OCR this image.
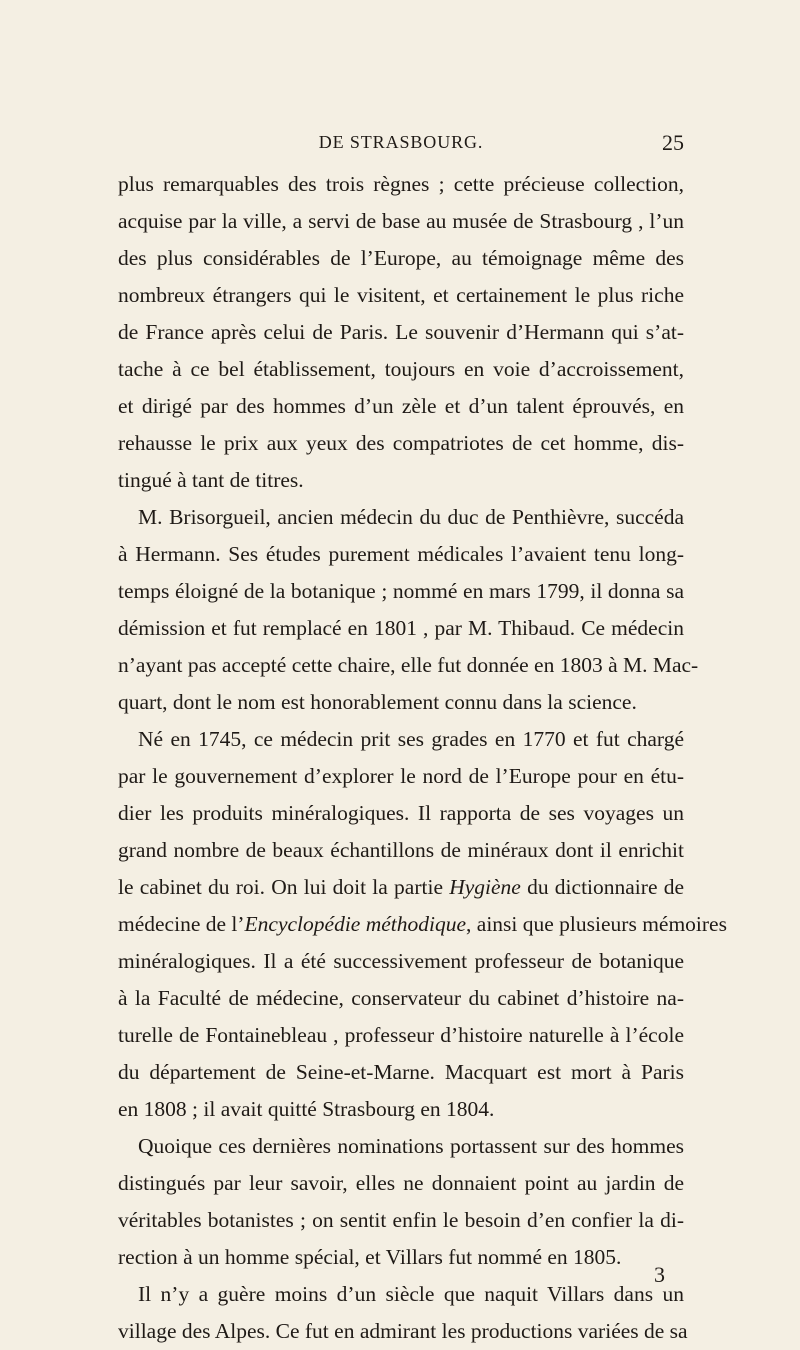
DE STRASBOURG.	25
plus remarquables des trois règnes ; cette précieuse collection,
acquise par la ville, a servi de base au musée de Strasbourg , l’un
des plus considérables de l’Europe, au témoignage même des
nombreux étrangers qui le visitent, et certainement le plus riche
de France après celui de Paris. Le souvenir d’Hermann qui s’at-
tache à ce bel établissement, toujours en voie d’accroissement,
et dirigé par des hommes d’un zèle et d’un talent éprouvés, en
rehausse le prix aux yeux des compatriotes de cet homme, dis-
tingué à tant de titres.
M. Brisorgueil, ancien médecin du duc de Penthièvre, succéda
à Hermann. Ses études purement médicales l’avaient tenu long-
temps éloigné de la botanique ; nommé en mars 1799, il donna sa
démission et fut remplacé en 1801 , par M. Thibaud. Ce médecin
n’ayant pas accepté cette chaire, elle fut donnée en 1803 à M. Mac-
quart, dont le nom est honorablement connu dans la science.
Né en 1745, ce médecin prit ses grades en 1770 et fut chargé
par le gouvernement d’explorer le nord de l’Europe pour en étu-
dier les produits minéralogiques. Il rapporta de ses voyages un
grand nombre de beaux échantillons de minéraux dont il enrichit
le cabinet du roi. On lui doit la partie Hygiène du dictionnaire de
médecine de l’Encyclopédie méthodique, ainsi que plusieurs mémoires
minéralogiques. Il a été successivement professeur de botanique
à la Faculté de médecine, conservateur du cabinet d’histoire na-
turelle de Fontainebleau , professeur d’histoire naturelle à l’école
du département de Seine-et-Marne. Macquart est mort à Paris
en 1808 ; il avait quitté Strasbourg en 1804.
Quoique ces dernières nominations portassent sur des hommes
distingués par leur savoir, elles ne donnaient point au jardin de
véritables botanistes ; on sentit enfin le besoin d’en confier la di-
rection à un homme spécial, et Villars fut nommé en 1805.
Il n’y a guère moins d’un siècle que naquit Villars dans un
village des Alpes. Ce fut en admirant les productions variées de sa
3
